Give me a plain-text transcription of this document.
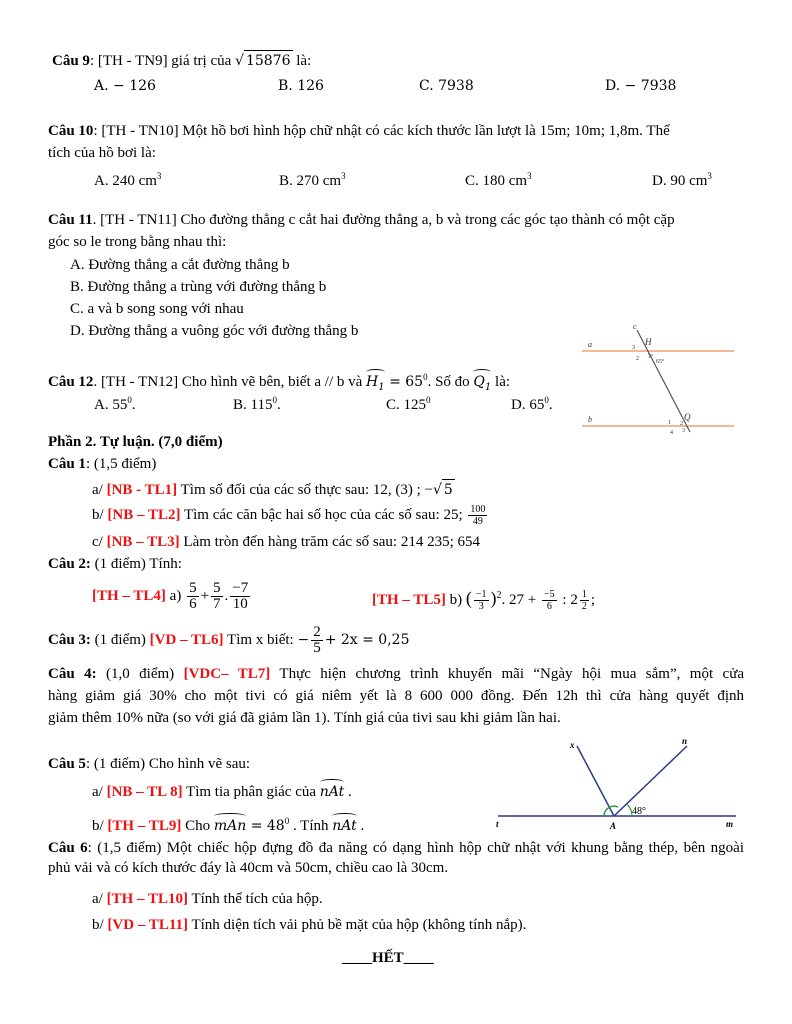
Câu 9: [TH - TN9] giá trị của √ 15876 là:
A. − 126	B. 126	C. 7938	D. − 7938
Câu 10: [TH - TN10] Một hồ bơi hình hộp chữ nhật có các kích thước lần lượt là 15m; 10m; 1,8m. Thể
tích của hồ bơi là:
A. 240 $cm^3$	B. 270 $cm^3$	C. 180 $cm^3$	D. 90 $cm^3$
Câu 11. [TH - TN11] Cho đường thẳng c cắt hai đường thẳng a, b và trong các góc tạo thành có một cặp
góc so le trong bằng nhau thì:
A. Đường thẳng a cắt đường thẳng b
B. Đường thẳng a trùng với đường thẳng b
C. a và b song song với nhau
D. Đường thẳng a vuông góc với đường thẳng b
Câu 12. [TH - TN12] Cho hình vẽ bên, biết a // b và $H_1 = 65^0$. Số đo $Q_1$ là:
A. $55^0$.	B. $115^0$.	C. $125^0$	D. $65^0$.
a
b
c
H
3
2 1
65°
Q
1 2
4 3
Phần 2. Tự luận. (7,0 điểm)
Câu 1: (1,5 điểm)
a/ [NB - TL1] Tìm số đối của các số thực sau: 12, (3) ; −√ 5
b/ [NB – TL2] Tìm các căn bậc hai số học của các số sau: 25; $\frac{100}{49}$
c/ [NB – TL3] Làm tròn đến hàng trăm các số sau: 214 235; 654
Câu 2: (1 điểm) Tính:
[TH – TL4] $a) \frac{5}{6} + \frac{5}{7}$ . $\frac{-7}{10}$	[TH – TL5] b) ( $\frac{-1}{3} )^2$. $27 + \frac{-5}{6}$ : $2 \frac{1}{2}$ ;
Câu 3: (1 điểm) [VD – TL6] Tìm x biết: − $\frac{2}{5} + 2x = 0,25$
Câu 4: (1,0 điểm) [VDC– TL7] Thực hiện chương trình khuyến mãi “Ngày hội mua sắm”, một cửa
hàng giảm giá 30% cho một tivi có giá niêm yết là 8 600 000 đồng. Đến 12h thì cửa hàng quyết định
giảm thêm 10% nữa (so với giá đã giảm lần 1). Tính giá của tivi sau khi giảm lần hai.
Câu 5: (1 điểm) Cho hình vẽ sau:
a/ [NB – TL 8] Tìm tia phân giác của nAt .
b/ [TH – TL9] Cho mAn = $48^0$ . Tính nAt .
x	n
t	m
A
48°
Câu 6: (1,5 điểm) Một chiếc hộp đựng đồ đa năng có dạng hình hộp chữ nhật với khung bằng thép, bên ngoài
phủ vải và có kích thước đáy là 40cm và 50cm, chiều cao là 30cm.
a/ [TH – TL10] Tính thể tích của hộp.
b/ [VD – TL11] Tính diện tích vải phủ bề mặt của hộp (không tính nắp).
____HẾT____
